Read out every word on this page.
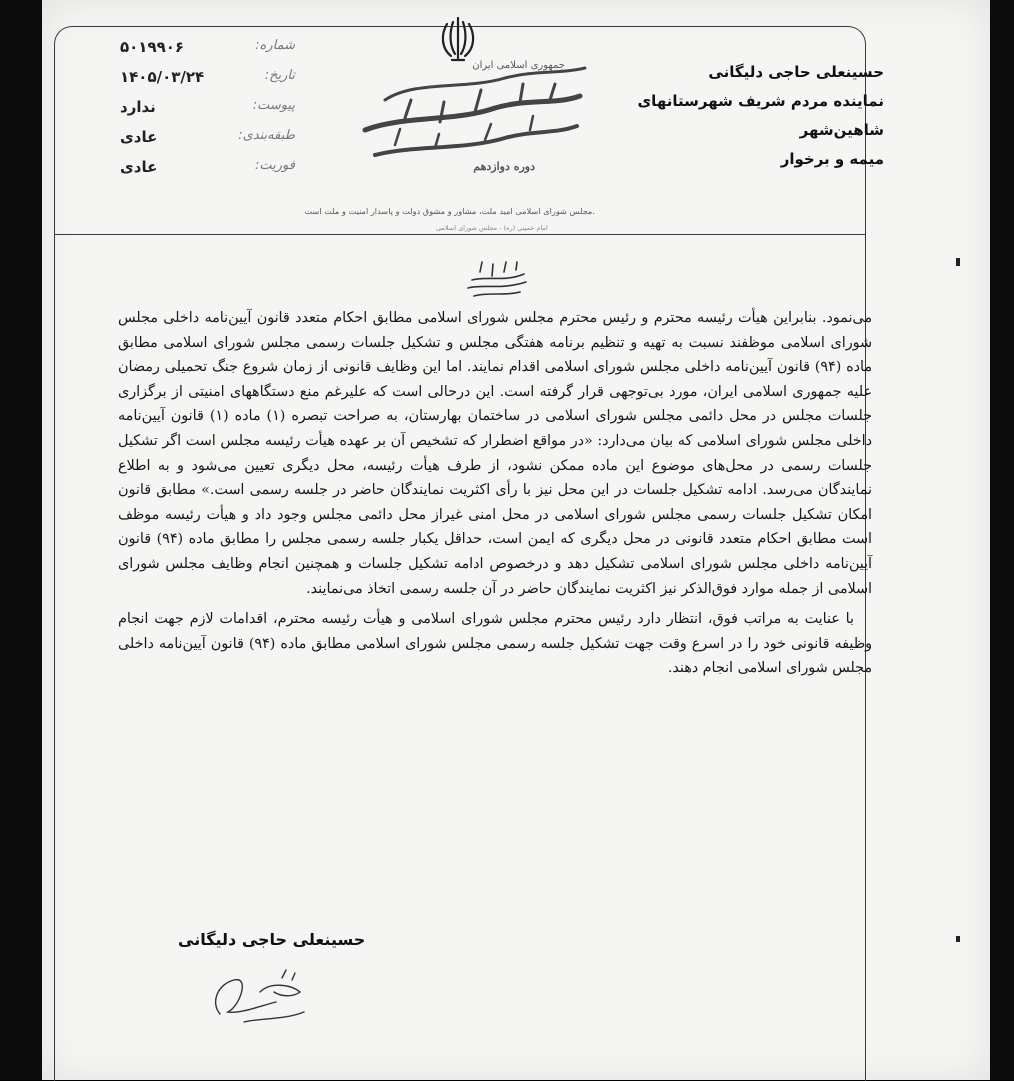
جمهوری اسلامی ایران
دوره دوازدهم
مجلس شورای اسلامی امید ملت، مشاور و مشوق دولت و پاسدار امنیت و ملت است.
امام خمینی (ره) - مجلس شورای اسلامی
شماره:
۵۰۱۹۹۰۶
تاریخ:
۱۴۰۵/۰۳/۲۴
پیوست:
ندارد
طبقه‌بندی:
عادی
فوریت:
عادی
حسینعلی حاجی دلیگانی
نماینده مردم شریف شهرستانهای شاهین‌شهر
میمه و برخوار

می‌نمود. بنابراین هیأت رئیسه محترم و رئیس محترم مجلس شورای اسلامی مطابق احکام متعدد قانون آیین‌نامه داخلی مجلس شورای اسلامی موظفند نسبت به تهیه و تنظیم برنامه هفتگی مجلس و تشکیل جلسات رسمی مجلس شورای اسلامی مطابق ماده (۹۴) قانون آیین‌نامه داخلی مجلس شورای اسلامی اقدام نمایند. اما این وظایف قانونی از زمان شروع جنگ تحمیلی رمضان علیه جمهوری اسلامی ایران، مورد بی‌توجهی قرار گرفته است. این درحالی است که علیرغم منع دستگاههای امنیتی از برگزاری جلسات مجلس در محل دائمی مجلس شورای اسلامی در ساختمان بهارستان، به صراحت تبصره (۱) ماده (۱) قانون آیین‌نامه داخلی مجلس شورای اسلامی که بیان می‌دارد: «در مواقع اضطرار که تشخیص آن بر عهده هیأت رئیسه مجلس است اگر تشکیل جلسات رسمی در محل‌های موضوع این ماده ممکن نشود، از طرف هیأت رئیسه، محل دیگری تعیین می‌شود و به اطلاع نمایندگان می‌رسد. ادامه تشکیل جلسات در این محل نیز با رأی اکثریت نمایندگان حاضر در جلسه رسمی است.» مطابق قانون امکان تشکیل جلسات رسمی مجلس شورای اسلامی در محل امنی غیراز محل دائمی مجلس وجود داد و هیأت رئیسه موظف است مطابق احکام متعدد قانونی در محل دیگری که ایمن است، حداقل یکبار جلسه رسمی مجلس را مطابق ماده (۹۴) قانون آیین‌نامه داخلی مجلس شورای اسلامی تشکیل دهد و درخصوص ادامه تشکیل جلسات و همچنین انجام وظایف مجلس شورای اسلامی از جمله موارد فوق‌الذکر نیز اکثریت نمایندگان حاضر در آن جلسه رسمی اتخاذ می‌نمایند.

با عنایت به مراتب فوق، انتظار دارد رئیس محترم مجلس شورای اسلامی و هیأت رئیسه محترم، اقدامات لازم جهت انجام وظیفه قانونی خود را در اسرع وقت جهت تشکیل جلسه رسمی مجلس شورای اسلامی مطابق ماده (۹۴) قانون آیین‌نامه داخلی مجلس شورای اسلامی انجام دهند.

حسینعلی حاجی دلیگانی
